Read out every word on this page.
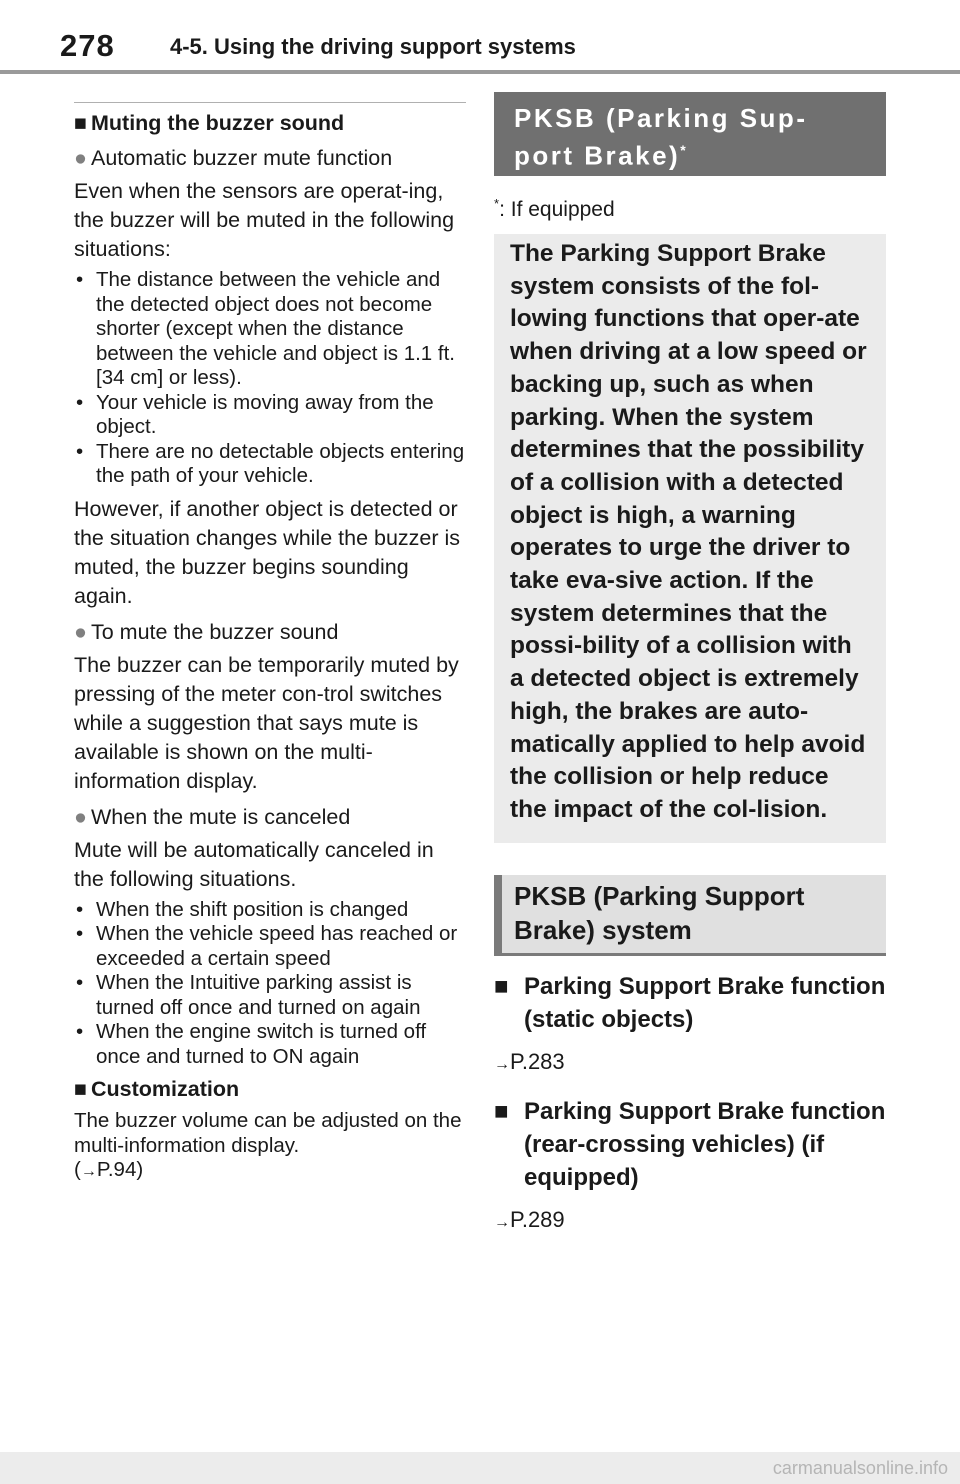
278	4-5. Using the driving support systems
■ Muting the buzzer sound
● Automatic buzzer mute function

Even when the sensors are operat-ing, the buzzer will be muted in the following situations:

• The distance between the vehicle and the detected object does not become shorter (except when the distance between the vehicle and object is 1.1 ft. [34 cm] or less).
• Your vehicle is moving away from the object.
• There are no detectable objects entering the path of your vehicle.

However, if another object is detected or the situation changes while the buzzer is muted, the buzzer begins sounding again.

● To mute the buzzer sound

The buzzer can be temporarily muted by pressing of the meter con-trol switches while a suggestion that says mute is available is shown on the multi-information display.

● When the mute is canceled

Mute will be automatically canceled in the following situations.

• When the shift position is changed
• When the vehicle speed has reached or exceeded a certain speed
• When the Intuitive parking assist is turned off once and turned on again
• When the engine switch is turned off once and turned to ON again
■ Customization

The buzzer volume can be adjusted on the multi-information display.
(→P.94)

PKSB (Parking Sup-port Brake)*
*: If equipped
The Parking Support Brake system consists of the fol-lowing functions that oper-ate when driving at a low speed or backing up, such as when parking. When the system determines that the possibility of a collision with a detected object is high, a warning operates to urge the driver to take eva-sive action. If the system determines that the possi-bility of a collision with a detected object is extremely high, the brakes are auto-matically applied to help avoid the collision or help reduce the impact of the col-lision.
PKSB (Parking Support Brake) system
■ Parking Support Brake function (static objects)
→P.283
■ Parking Support Brake function (rear-crossing vehicles) (if equipped)
→P.289
carmanualsonline.info
